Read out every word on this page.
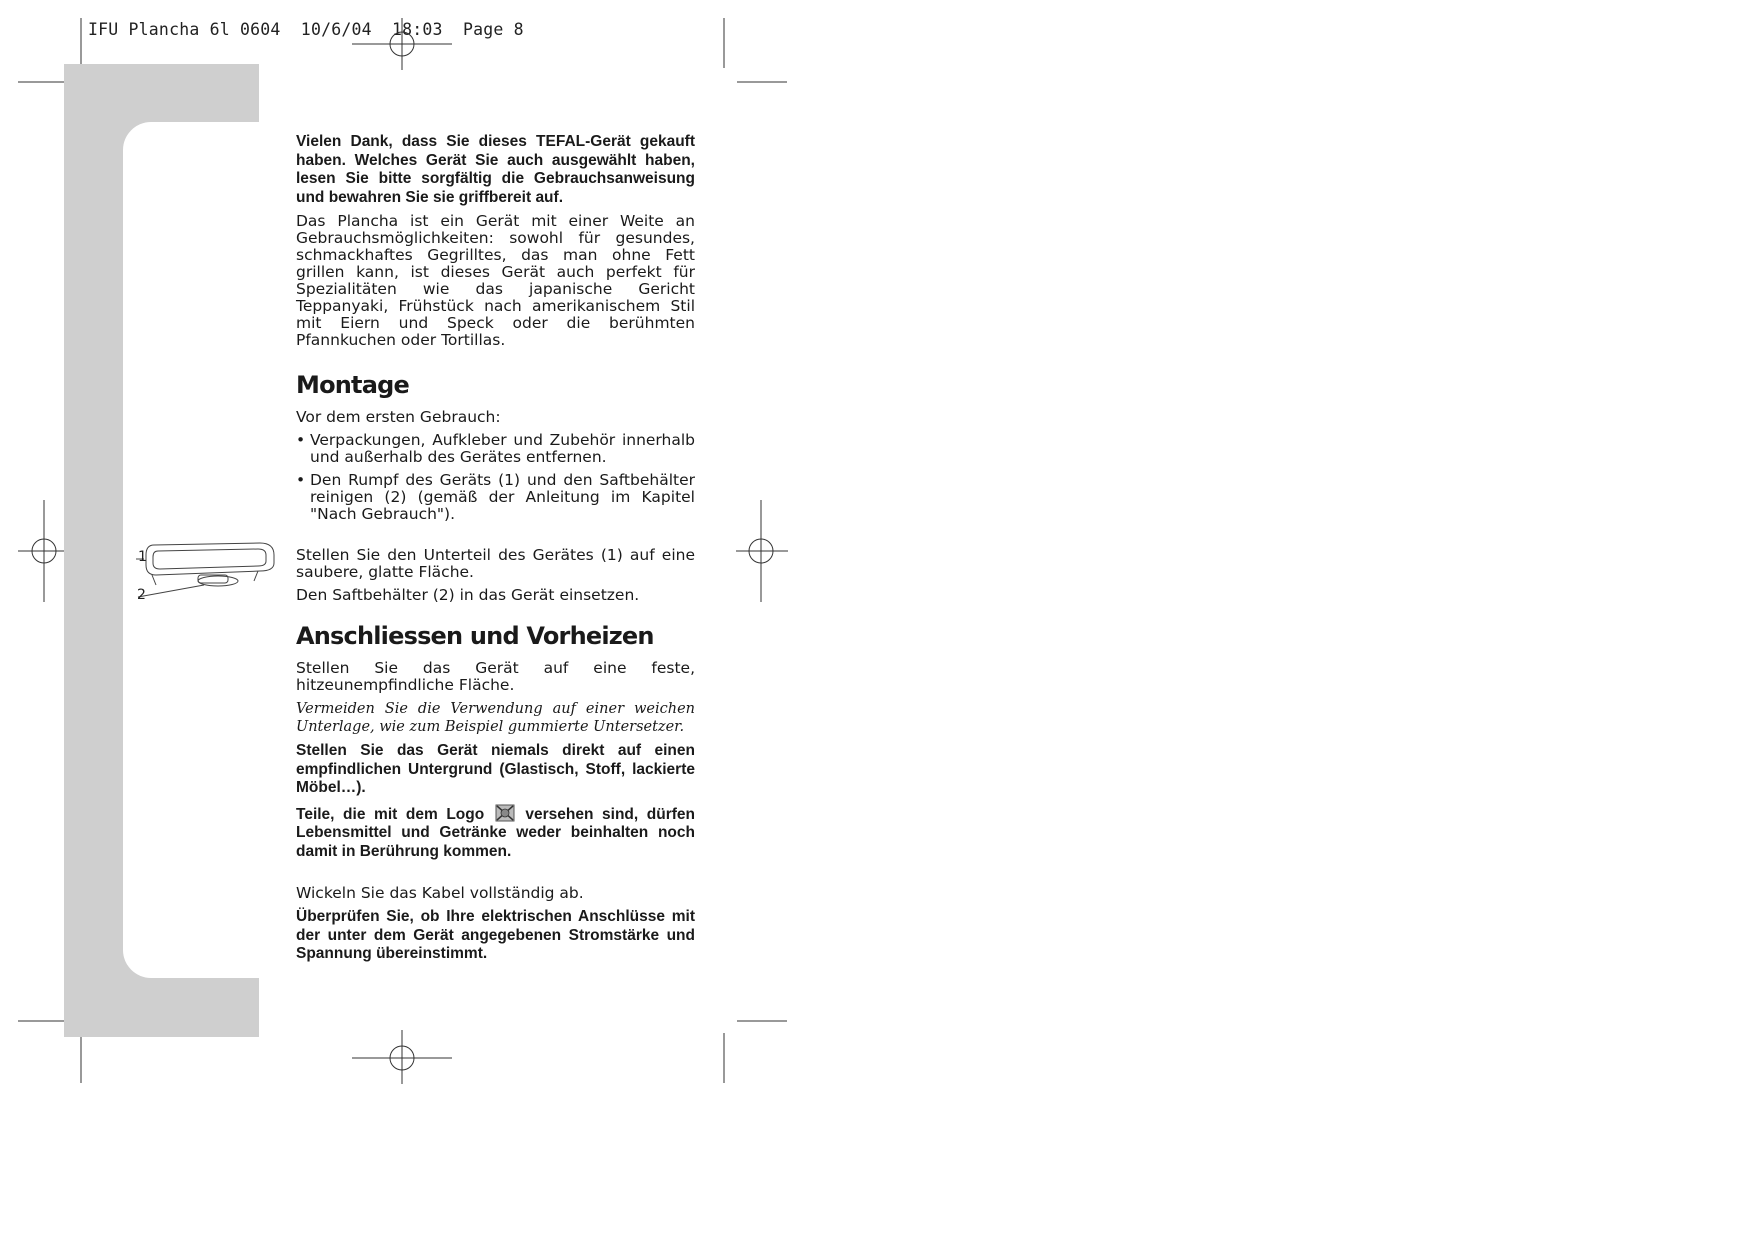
IFU Plancha 6l 0604  10/6/04  18:03  Page 8
1
2

Vielen Dank, dass Sie dieses TEFAL-Gerät gekauft haben. Welches Gerät Sie auch ausgewählt haben, lesen Sie bitte sorgfältig die Gebrauchsanweisung und bewahren Sie sie griffbereit auf.

Das Plancha ist ein Gerät mit einer Weite an Gebrauchsmöglichkeiten: sowohl für gesundes, schmackhaftes Gegrilltes, das man ohne Fett grillen kann, ist dieses Gerät auch perfekt für Spezialitäten wie das japanische Gericht Teppanyaki, Frühstück nach amerikanischem Stil mit Eiern und Speck oder die berühmten Pfannkuchen oder Tortillas.

Montage

Vor dem ersten Gebrauch:

• Verpackungen, Aufkleber und Zubehör innerhalb und außerhalb des Gerätes entfernen.
• Den Rumpf des Geräts (1) und den Saftbehälter reinigen (2) (gemäß der Anleitung im Kapitel "Nach Gebrauch").

Stellen Sie den Unterteil des Gerätes (1) auf eine saubere, glatte Fläche.

Den Saftbehälter (2) in das Gerät einsetzen.

Anschliessen und Vorheizen

Stellen Sie das Gerät auf eine feste, hitzeunempfindliche Fläche.

Vermeiden Sie die Verwendung auf einer weichen Unterlage, wie zum Beispiel gummierte Untersetzer.

Stellen Sie das Gerät niemals direkt auf einen empfindlichen Untergrund (Glastisch, Stoff, lackierte Möbel…).

Teile, die mit dem Logo	versehen sind, dürfen Lebensmittel und Getränke weder beinhalten noch damit in Berührung kommen.

Wickeln Sie das Kabel vollständig ab.

Überprüfen Sie, ob Ihre elektrischen Anschlüsse mit der unter dem Gerät angegebenen Stromstärke und Spannung übereinstimmt.
